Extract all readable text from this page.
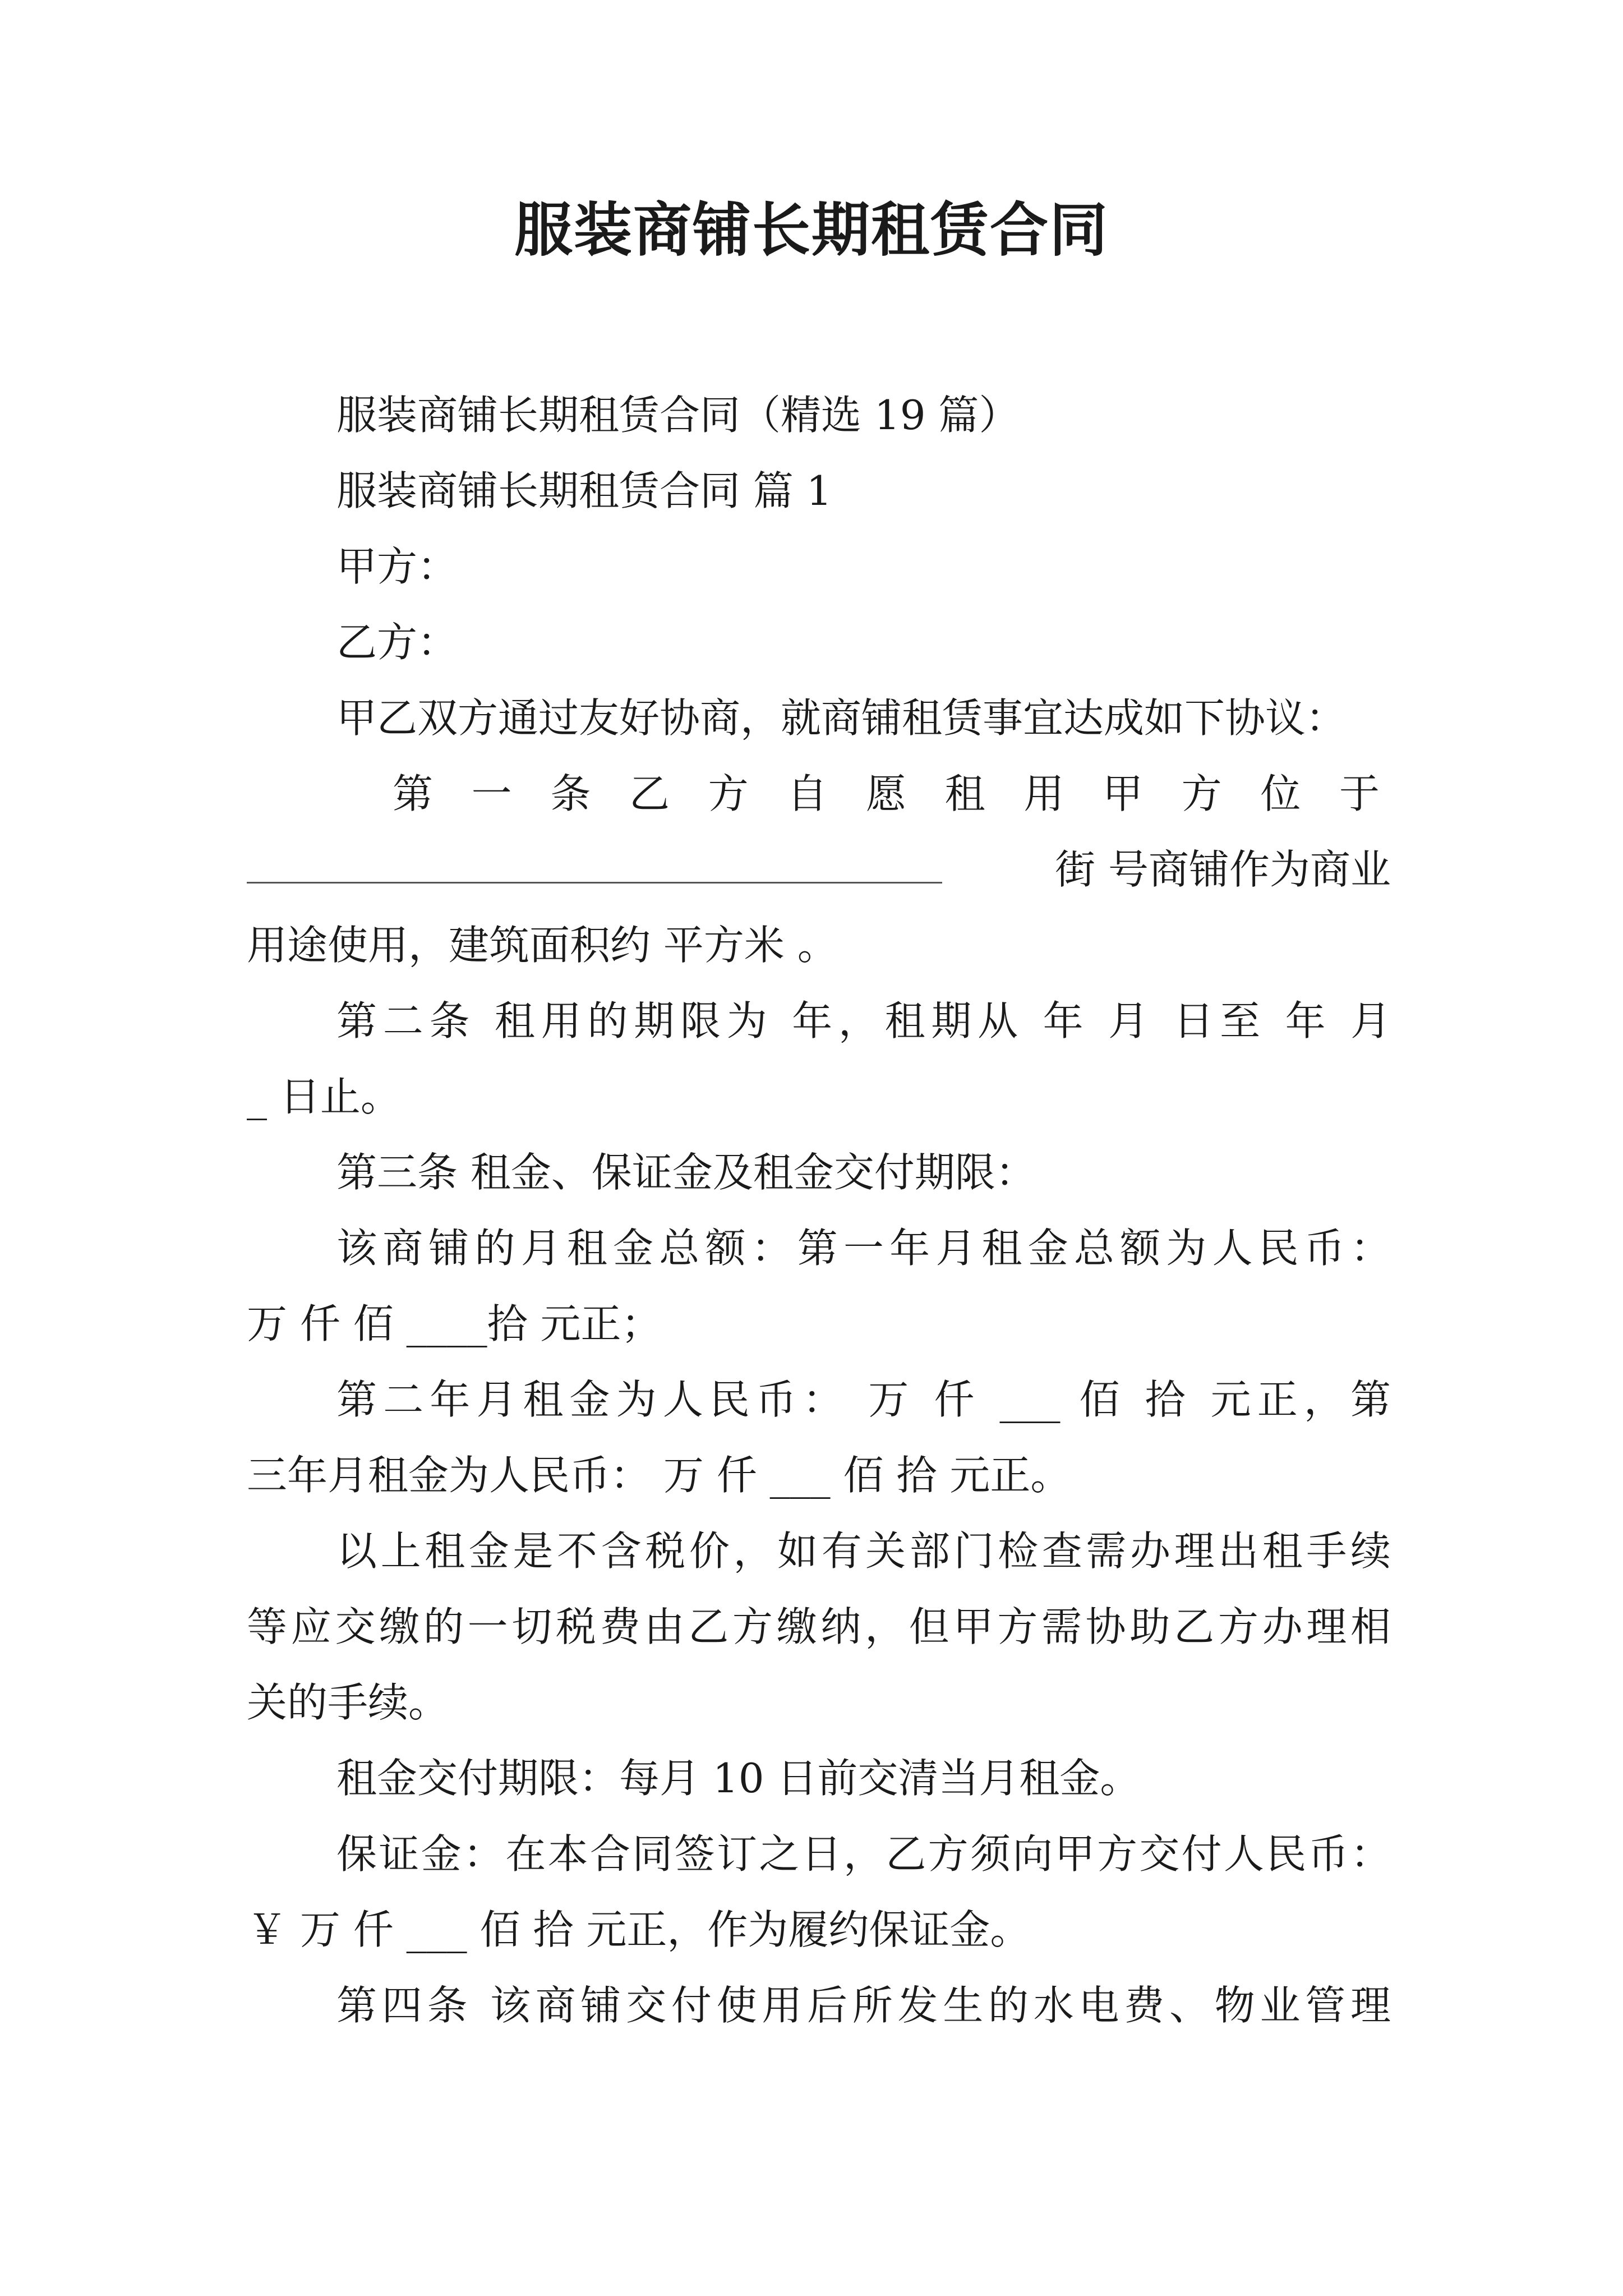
服装商铺长期租赁合同
服装商铺长期租赁合同（精选 19 篇）
服装商铺长期租赁合同 篇 1
甲方：
乙方：
甲乙双方通过友好协商，就商铺租赁事宜达成如下协议：
第 一 条 乙 方 自 愿 租 用 甲 方 位 于
街 号商铺作为商业
用途使用，建筑面积约 平方米 。
第二条 租用的期限为 年，租期从 年 月 日至 年 月
_ 日止。
第三条 租金、保证金及租金交付期限：
该商铺的月租金总额：第一年月租金总额为人民币：
万 仟 佰 ____拾 元正；
第二年月租金为人民币： 万 仟 ___ 佰 拾 元正，第
三年月租金为人民币： 万 仟 ___ 佰 拾 元正。
以上租金是不含税价，如有关部门检查需办理出租手续
等应交缴的一切税费由乙方缴纳，但甲方需协助乙方办理相
关的手续。
租金交付期限：每月 10 日前交清当月租金。
保证金：在本合同签订之日，乙方须向甲方交付人民币：
￥ 万 仟 ___ 佰 拾 元正，作为履约保证金。
第四条 该商铺交付使用后所发生的水电费、物业管理
